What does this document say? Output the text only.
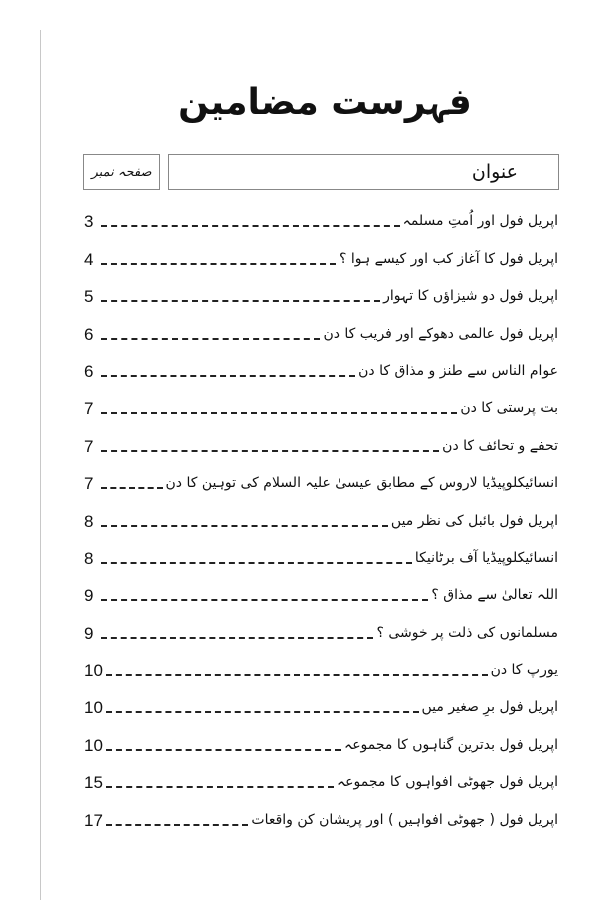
فہرست مضامین
صفحہ نمبر	عنوان
3	اپریل فول اور اُمتِ مسلمہ
4	اپریل فول کا آغاز کب اور کیسے ہوا ؟
5	اپریل فول دو شیزاؤں کا تہوار
6	اپریل فول عالمی دھوکے اور فریب کا دن
6	عوام الناس سے طنز و مذاق کا دن
7	بت پرستی کا دن
7	تحفے و تحائف کا دن
7	انسائیکلوپیڈیا لاروس کے مطابق عیسیٰ علیہ السلام کی توہین کا دن
8	اپریل فول بائبل کی نظر میں
8	انسائیکلوپیڈیا آف برٹانیکا
9	اللہ تعالیٰ سے مذاق ؟
9	مسلمانوں کی ذلت پر خوشی ؟
10	یورپ کا دن
10	اپریل فول برِ صغیر میں
10	اپریل فول بدترین گناہوں کا مجموعہ
15	اپریل فول جھوٹی افواہوں کا مجموعہ
17	اپریل فول ( جھوٹی افواہیں ) اور پریشان کن واقعات
